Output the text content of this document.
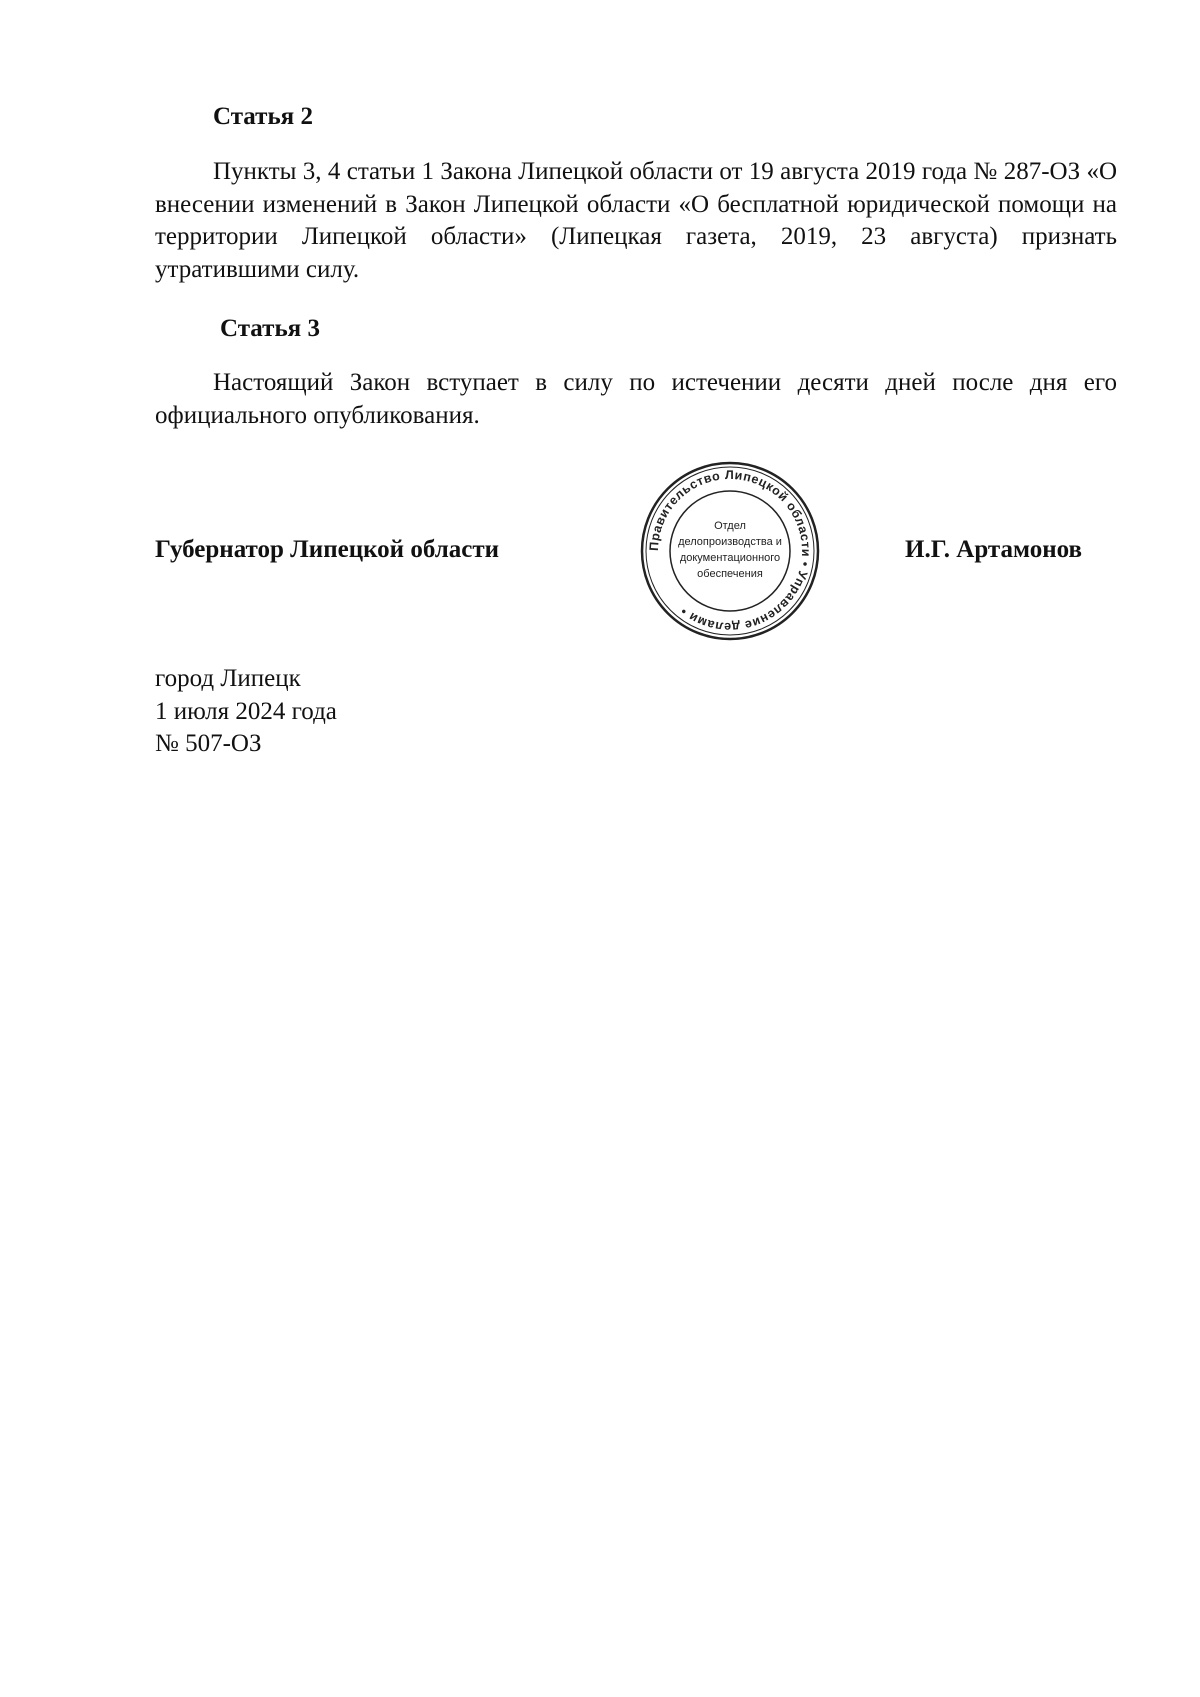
Статья 2

Пункты 3, 4 статьи 1 Закона Липецкой области от 19 августа 2019 года № 287-ОЗ «О внесении изменений в Закон Липецкой области «О бесплатной юридической помощи на территории Липецкой области» (Липецкая газета, 2019, 23 августа) признать утратившими силу.

Статья 3

Настоящий Закон вступает в силу по истечении десяти дней после дня его официального опубликования.

Губернатор Липецкой области	Правительство Липецкой области • Управление делами •
Отдел
делопроизводства и
документационного
обеспечения
И.Г. Артамонов
город Липецк
1 июля 2024 года
№ 507-ОЗ
